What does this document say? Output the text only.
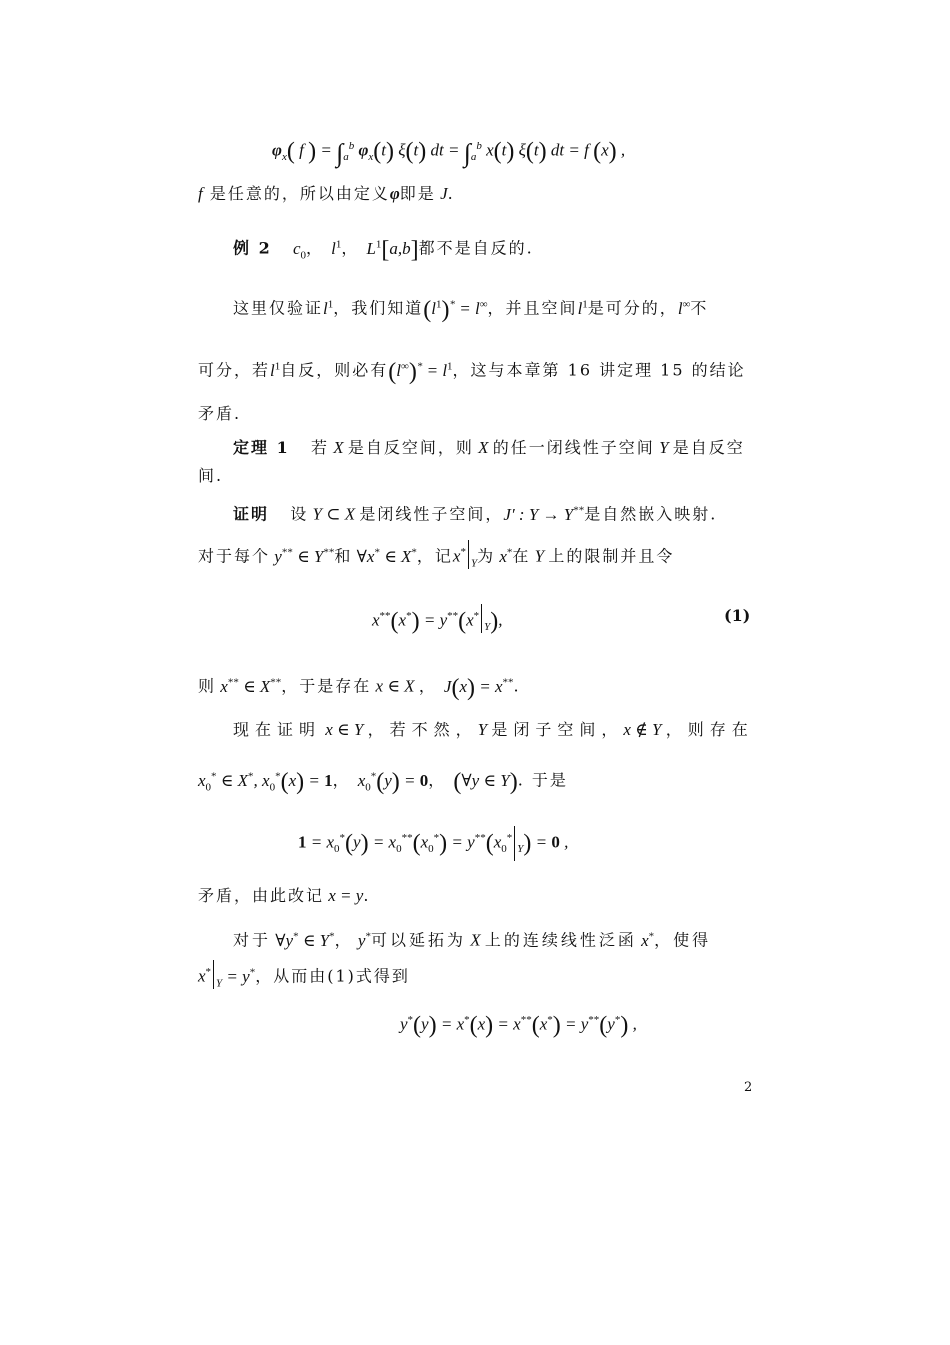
$\varphi_x$( f ) = $\int_a^b$ $\varphi_x(t)$ ξ(t) dt = $\int_a^b$ x(t) ξ(t) dt = f (x) ,
f 是任意的，所以由定义φ即是 J.
例 2 $c_0$， $l^1$， $L^1[a,b]$都不是自反的.
这里仅验证$l^1$，我们知道$(l^1)^* = l^\infty$，并且空间$l^1$是可分的，l∞不
可分，若$l^1$自反，则必有$(l^\infty)^* = l^1$，这与本章第 16 讲定理 15 的结论
矛盾.
定理 1 若 X 是自反空间，则 X 的任一闭线性子空间 Y 是自反空
间.
证明 设 Y ⊂ X 是闭线性子空间，J′ : Y → Y**是自然嵌入映射.
对于每个 y** ∈ Y**和 ∀x* ∈ X*，记$x^*_Y$为 x*在 Y 上的限制并且令
$x^{**}(x^*) = y^{**}(x^*_Y)$,	(1)
则 x** ∈ X**，于是存在 x ∈ X ， J(x) = x**.
现在证明 x ∈ Y ，若不然，Y 是闭子空间，x ∉ Y ，则存在
$x_0^*$ ∈ X*, $x_0^*(x) = 1$， $x_0^*(y) = 0$， (∀y ∈ Y). 于是
$1 = x_0^*(y) = x_0^{**}(x_0^*) = y^{**}(x_0^*_Y) = 0$ ,
矛盾，由此改记 x = y.
对于 ∀y* ∈ Y*， y*可以延拓为 X 上的连续线性泛函 x*，使得
$x^*_Y = y^*$，从而由(1)式得到
y*(y) = x*(x) = x**(x*) = y**(y*) ,
2
